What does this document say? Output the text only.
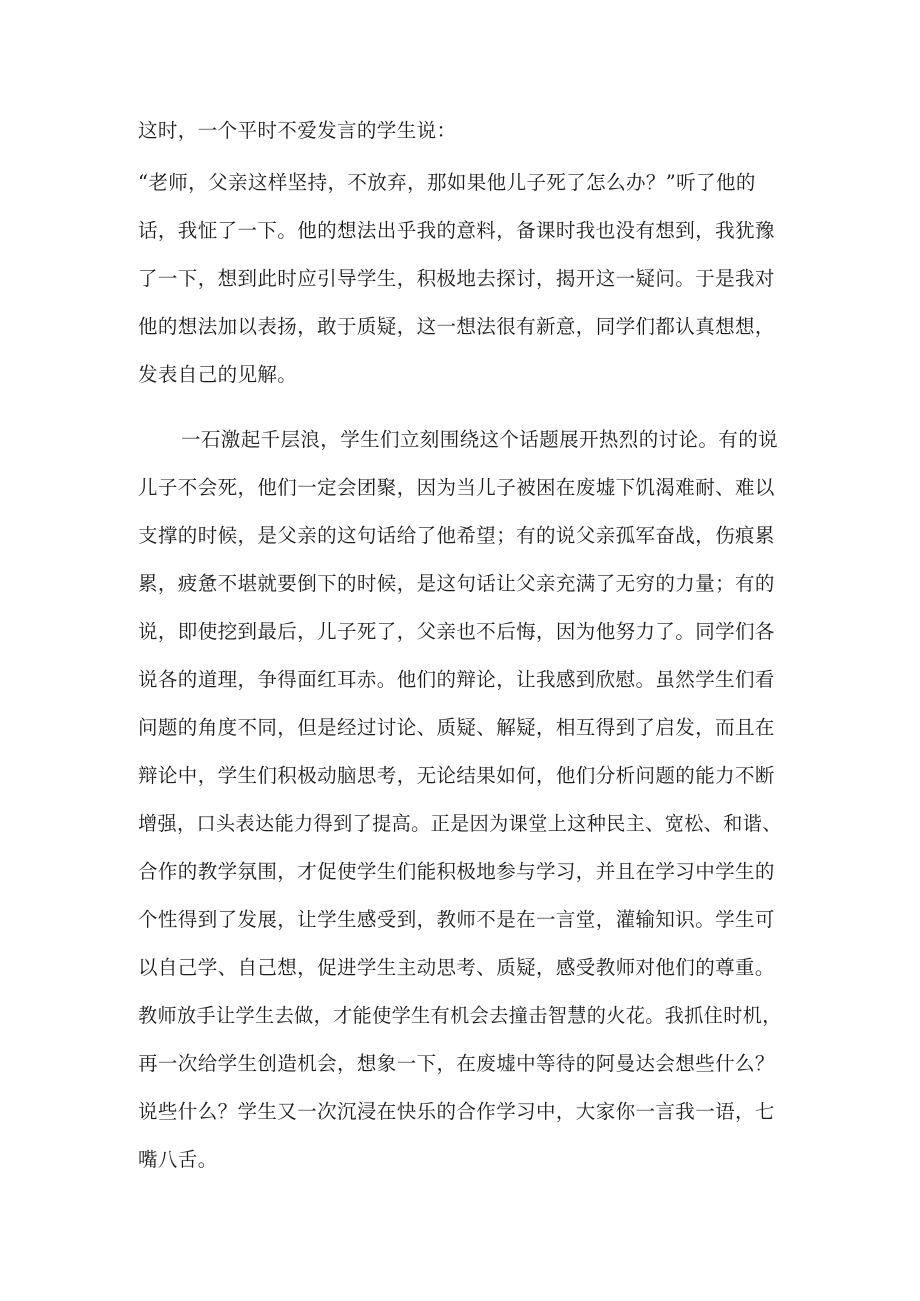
这时，一个平时不爱发言的学生说：
“老师，父亲这样坚持，不放弃，那如果他儿子死了怎么办？”听了他的
话，我怔了一下。他的想法出乎我的意料，备课时我也没有想到，我犹豫
了一下，想到此时应引导学生，积极地去探讨，揭开这一疑问。于是我对
他的想法加以表扬，敢于质疑，这一想法很有新意，同学们都认真想想，
发表自己的见解。
一石激起千层浪，学生们立刻围绕这个话题展开热烈的讨论。有的说
儿子不会死，他们一定会团聚，因为当儿子被困在废墟下饥渴难耐、难以
支撑的时候，是父亲的这句话给了他希望；有的说父亲孤军奋战，伤痕累
累，疲惫不堪就要倒下的时候，是这句话让父亲充满了无穷的力量；有的
说，即使挖到最后，儿子死了，父亲也不后悔，因为他努力了。同学们各
说各的道理，争得面红耳赤。他们的辩论，让我感到欣慰。虽然学生们看
问题的角度不同，但是经过讨论、质疑、解疑，相互得到了启发，而且在
辩论中，学生们积极动脑思考，无论结果如何，他们分析问题的能力不断
增强，口头表达能力得到了提高。正是因为课堂上这种民主、宽松、和谐、
合作的教学氛围，才促使学生们能积极地参与学习，并且在学习中学生的
个性得到了发展，让学生感受到，教师不是在一言堂，灌输知识。学生可
以自己学、自己想，促进学生主动思考、质疑，感受教师对他们的尊重。
教师放手让学生去做，才能使学生有机会去撞击智慧的火花。我抓住时机，
再一次给学生创造机会，想象一下，在废墟中等待的阿曼达会想些什么？
说些什么？学生又一次沉浸在快乐的合作学习中，大家你一言我一语，七
嘴八舌。
